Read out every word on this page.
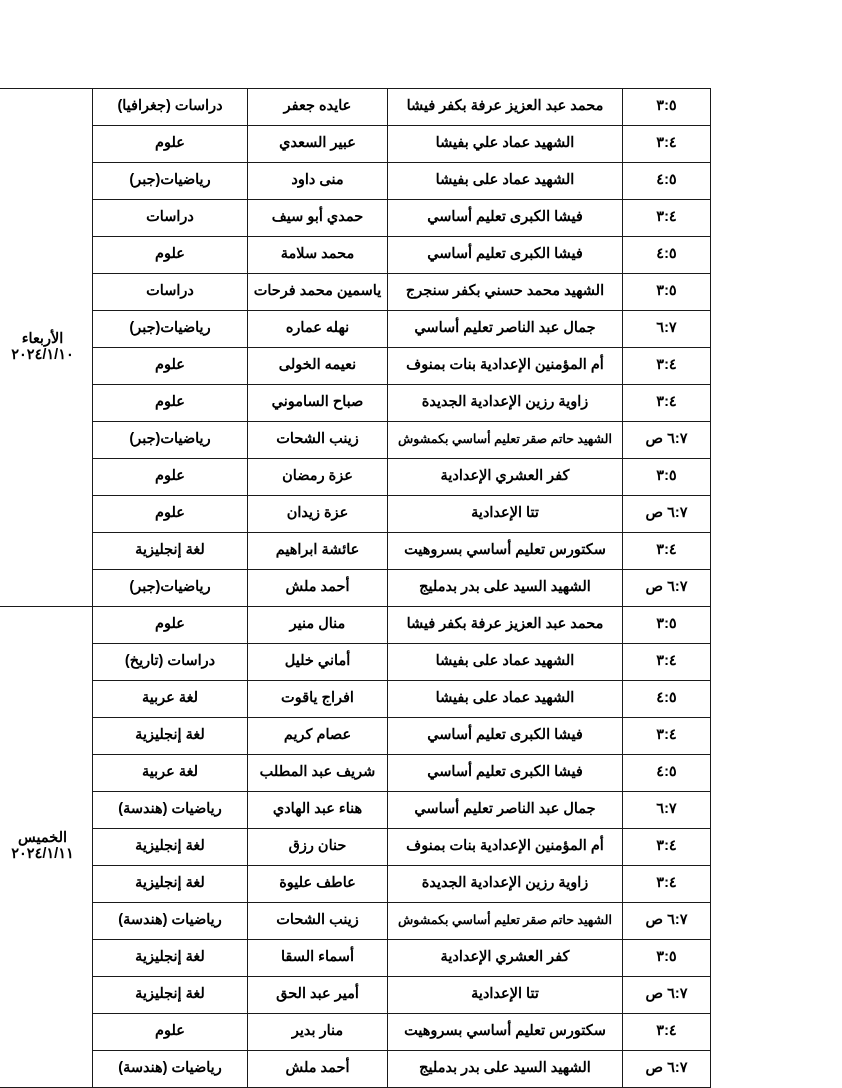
٣:٥	محمد عبد العزيز عرفة بكفر فيشا	عايده جعفر	دراسات (جغرافيا)	الأربعاء
٢٠٢٤/١/١٠

٣:٤	الشهيد عماد علي بفيشا	عبير السعدي	علوم	
٤:٥	الشهيد عماد على بفيشا	منى داود	رياضيات(جبر)	
٣:٤	فيشا الكبرى تعليم أساسي	حمدي أبو سيف	دراسات	
٤:٥	فيشا الكبرى تعليم أساسي	محمد سلامة	علوم	
٣:٥	الشهيد محمد حسني بكفر سنجرج	ياسمين محمد فرحات	دراسات	
٦:٧	جمال عبد الناصر تعليم أساسي	نهله عماره	رياضيات(جبر)	
٣:٤	أم المؤمنين الإعدادية بنات بمنوف	نعيمه الخولى	علوم	
٣:٤	زاوية رزين الإعدادية الجديدة	صباح الساموني	علوم	
٦:٧ ص	الشهيد حاتم صقر تعليم أساسي بكمشوش	زينب الشحات	رياضيات(جبر)	
٣:٥	كفر العشري الإعدادية	عزة رمضان	علوم	
٦:٧ ص	تتا الإعدادية	عزة زيدان	علوم	
٣:٤	سكتورس تعليم أساسي بسروهيت	عائشة ابراهيم	لغة إنجليزية	
٦:٧ ص	الشهيد السيد على بدر بدملیج	أحمد ملش	رياضيات(جبر)	
٣:٥	محمد عبد العزيز عرفة بكفر فيشا	منال منير	علوم	الخميس
٢٠٢٤/١/١١

٣:٤	الشهيد عماد على بفيشا	أماني خليل	دراسات (تاريخ)	
٤:٥	الشهيد عماد على بفيشا	افراج ياقوت	لغة عربية	
٣:٤	فيشا الكبرى تعليم أساسي	عصام كريم	لغة إنجليزية	
٤:٥	فيشا الكبرى تعليم أساسي	شريف عبد المطلب	لغة عربية	
٦:٧	جمال عبد الناصر تعليم أساسي	هناء عبد الهادي	رياضيات (هندسة)	
٣:٤	أم المؤمنين الإعدادية بنات بمنوف	حنان رزق	لغة إنجليزية	
٣:٤	زاوية رزين الإعدادية الجديدة	عاطف عليوة	لغة إنجليزية	
٦:٧ ص	الشهيد حاتم صقر تعليم أساسي بكمشوش	زينب الشحات	رياضيات (هندسة)	
٣:٥	كفر العشري الإعدادية	أسماء السقا	لغة إنجليزية	
٦:٧ ص	تتا الإعدادية	أمير عبد الحق	لغة إنجليزية	
٣:٤	سكتورس تعليم أساسي بسروهيت	منار بدير	علوم	
٦:٧ ص	الشهيد السيد على بدر بدملیج	أحمد ملش	رياضيات (هندسة)	
